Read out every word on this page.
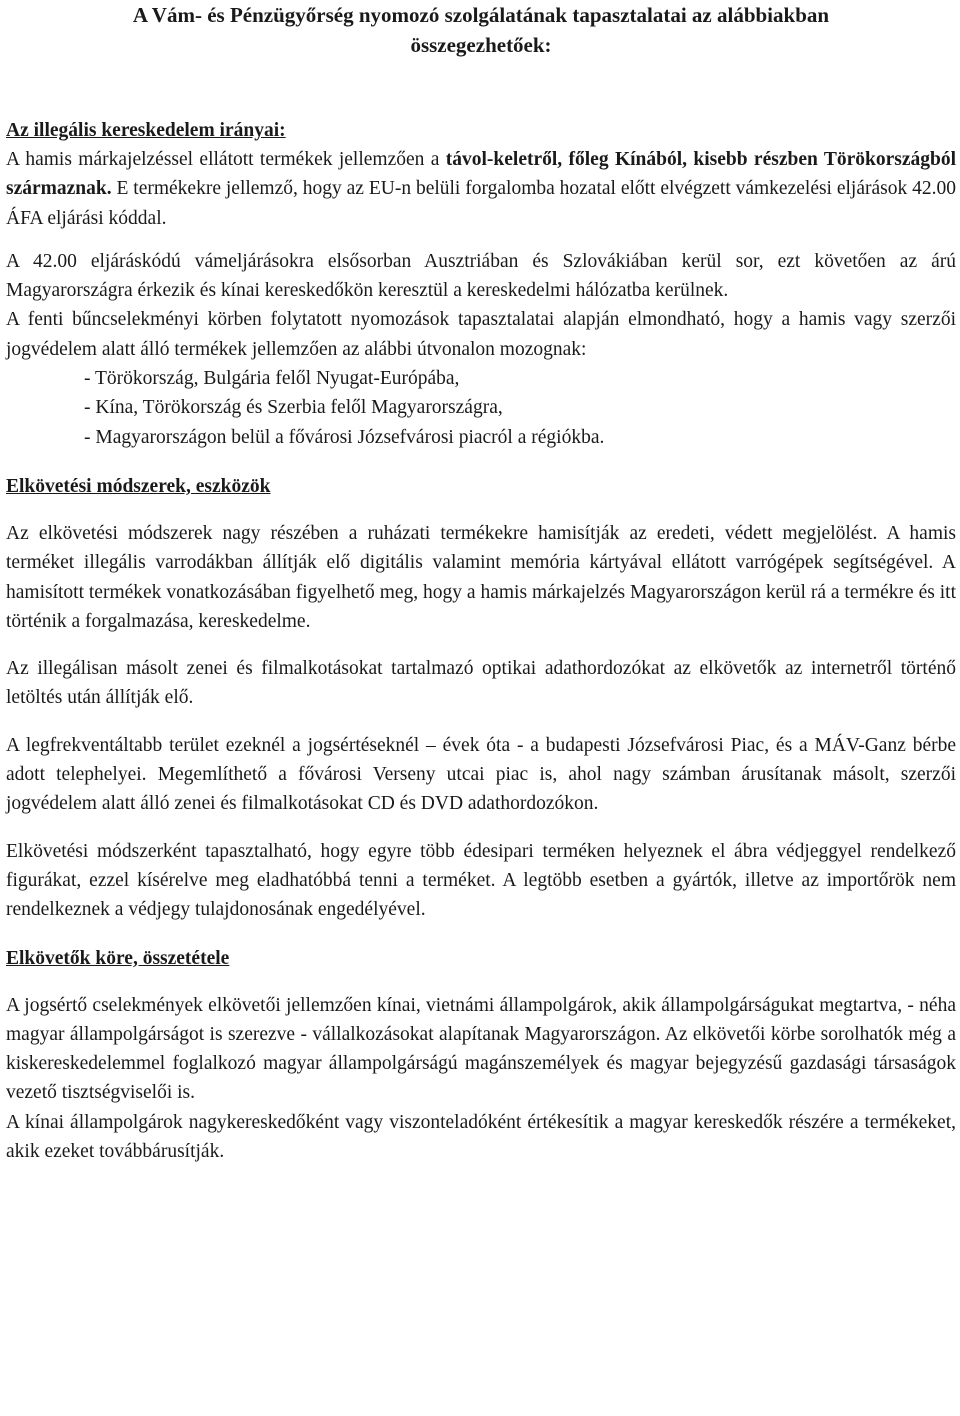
A Vám- és Pénzügyőrség nyomozó szolgálatának tapasztalatai az alábbiakban
összegezhetőek:
Az illegális kereskedelem irányai:

A hamis márkajelzéssel ellátott termékek jellemzően a távol-keletről, főleg Kínából, kisebb részben Törökországból származnak. E termékekre jellemző, hogy az EU-n belüli forgalomba hozatal előtt elvégzett vámkezelési eljárások 42.00 ÁFA eljárási kóddal.

A 42.00 eljáráskódú vámeljárásokra elsősorban Ausztriában és Szlovákiában kerül sor, ezt követően az árú Magyarországra érkezik és kínai kereskedőkön keresztül a kereskedelmi hálózatba kerülnek.

A fenti bűncselekményi körben folytatott nyomozások tapasztalatai alapján elmondható, hogy a hamis vagy szerzői jogvédelem alatt álló termékek jellemzően az alábbi útvonalon mozognak:

- Törökország, Bulgária felől Nyugat-Európába,
- Kína, Törökország és Szerbia felől Magyarországra,
- Magyarországon belül a fővárosi Józsefvárosi piacról a régiókba.
Elkövetési módszerek, eszközök

Az elkövetési módszerek nagy részében a ruházati termékekre hamisítják az eredeti, védett megjelölést. A hamis terméket illegális varrodákban állítják elő digitális valamint memória kártyával ellátott varrógépek segítségével. A hamisított termékek vonatkozásában figyelhető meg, hogy a hamis márkajelzés Magyarországon kerül rá a termékre és itt történik a forgalmazása, kereskedelme.

Az illegálisan másolt zenei és filmalkotásokat tartalmazó optikai adathordozókat az elkövetők az internetről történő letöltés után állítják elő.

A legfrekventáltabb terület ezeknél a jogsértéseknél – évek óta - a budapesti Józsefvárosi Piac, és a MÁV-Ganz bérbe adott telephelyei. Megemlíthető a fővárosi Verseny utcai piac is, ahol nagy számban árusítanak másolt, szerzői jogvédelem alatt álló zenei és filmalkotásokat CD és DVD adathordozókon.

Elkövetési módszerként tapasztalható, hogy egyre több édesipari terméken helyeznek el ábra védjeggyel rendelkező figurákat, ezzel kísérelve meg eladhatóbbá tenni a terméket. A legtöbb esetben a gyártók, illetve az importőrök nem rendelkeznek a védjegy tulajdonosának engedélyével.

Elkövetők köre, összetétele

A jogsértő cselekmények elkövetői jellemzően kínai, vietnámi állampolgárok, akik állampolgárságukat megtartva, - néha magyar állampolgárságot is szerezve - vállalkozásokat alapítanak Magyarországon. Az elkövetői körbe sorolhatók még a kiskereskedelemmel foglalkozó magyar állampolgárságú magánszemélyek és magyar bejegyzésű gazdasági társaságok vezető tisztségviselői is.

A kínai állampolgárok nagykereskedőként vagy viszonteladóként értékesítik a magyar kereskedők részére a termékeket, akik ezeket továbbárusítják.
